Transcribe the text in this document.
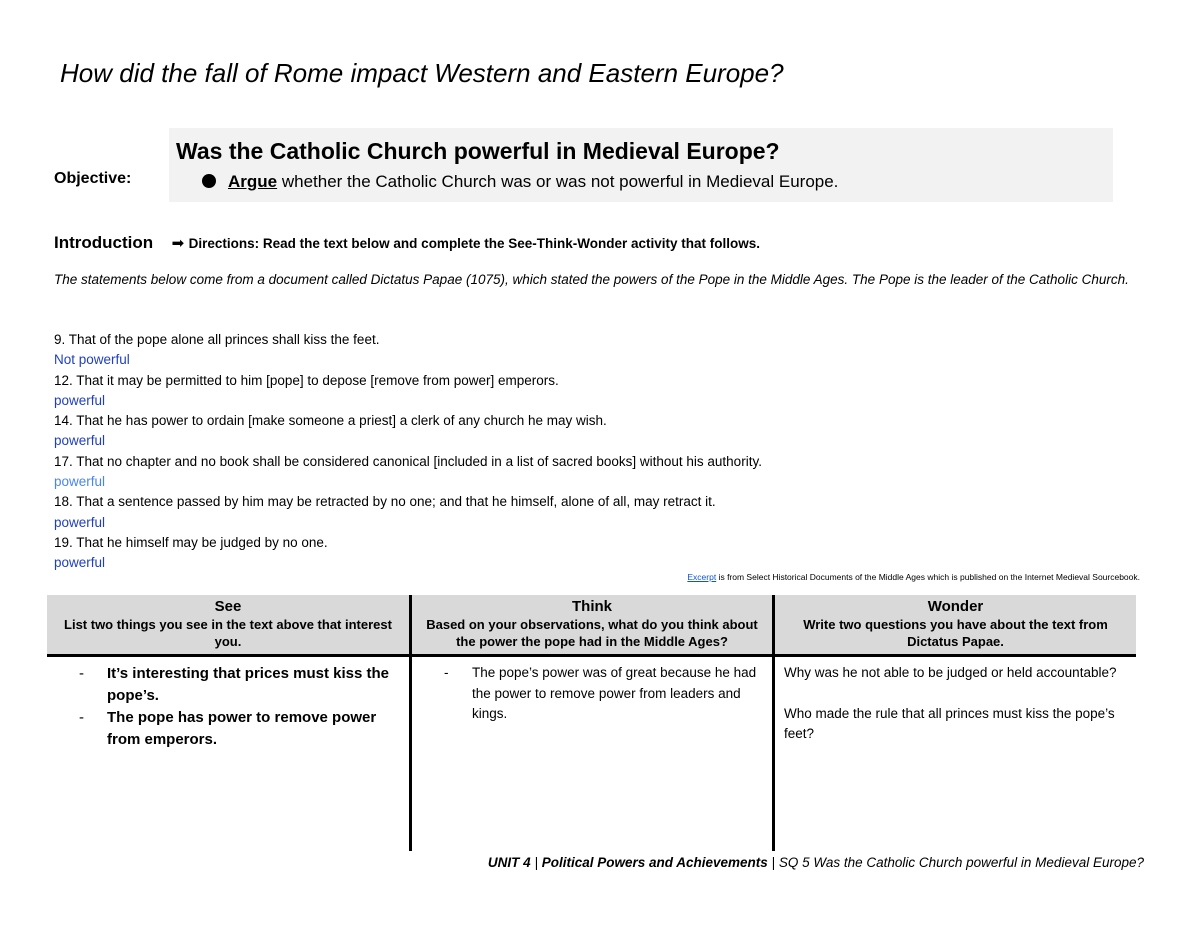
How did the fall of Rome impact Western and Eastern Europe?
Objective:
Was the Catholic Church powerful in Medieval Europe?
Argue whether the Catholic Church was or was not powerful in Medieval Europe.
Introduction ➡ Directions: Read the text below and complete the See-Think-Wonder activity that follows.
The statements below come from a document called Dictatus Papae (1075), which stated the powers of the Pope in the Middle Ages. The Pope is the leader of the Catholic Church.
9. That of the pope alone all princes shall kiss the feet.
Not powerful
12. That it may be permitted to him [pope] to depose [remove from power] emperors.
powerful
14. That he has power to ordain [make someone a priest] a clerk of any church he may wish.
powerful
17. That no chapter and no book shall be considered canonical [included in a list of sacred books] without his authority.
powerful
18. That a sentence passed by him may be retracted by no one; and that he himself, alone of all, may retract it.
powerful
19. That he himself may be judged by no one.
powerful
Excerpt is from Select Historical Documents of the Middle Ages which is published on the Internet Medieval Sourcebook.
See
List two things you see in the text above that interest you.
- It’s interesting that prices must kiss the pope’s.
- The pope has power to remove power from emperors.
Think
Based on your observations, what do you think about the power the pope had in the Middle Ages?
- The pope’s power was of great because he had the power to remove power from leaders and kings.
Wonder
Write two questions you have about the text from Dictatus Papae.

Why was he not able to be judged or held accountable?

Who made the rule that all princes must kiss the pope’s feet?

UNIT 4 | Political Powers and Achievements | SQ 5 Was the Catholic Church powerful in Medieval Europe?
